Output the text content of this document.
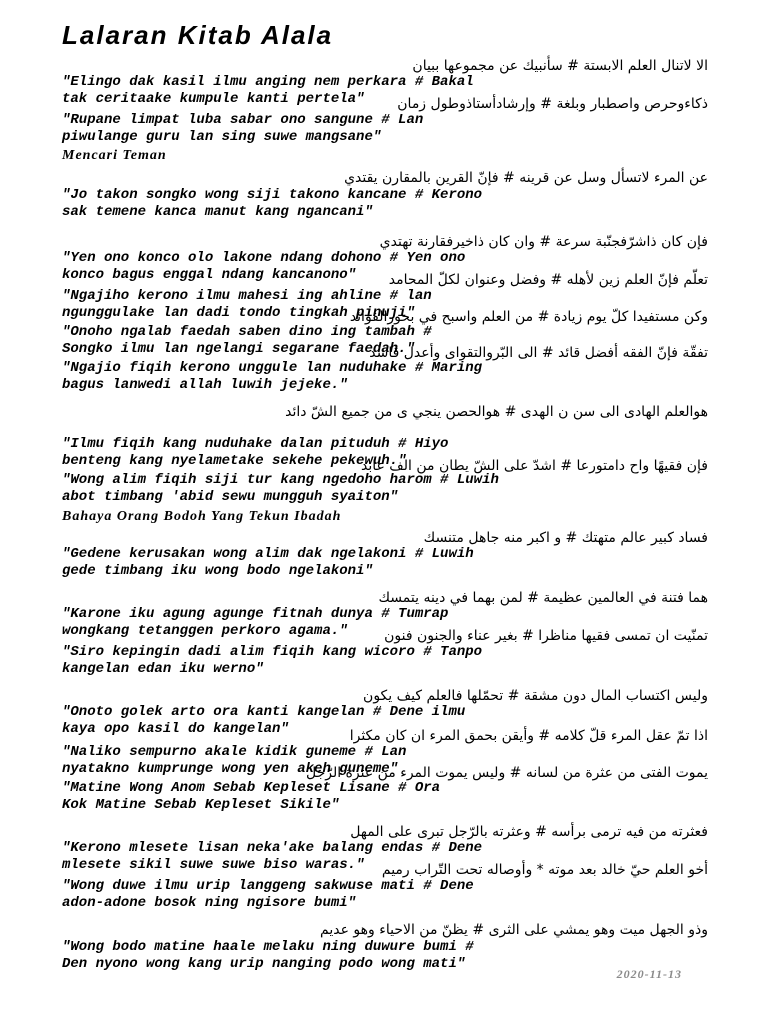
Lalaran Kitab Alala
الا لاتنال العلم الابستة # سأنبيك عن مجموعها ببيان
"Elingo dak kasil ilmu anging nem perkara # Bakal
tak ceritaake kumpule kanti pertela"	ذكاءوحرص واصطبار وبلغة # وإرشادأستاذوطول زمان
"Rupane limpat luba sabar ono sangune # Lan
piwulange guru lan sing suwe mangsane"
Mencari Teman
عن المرء لاتسأل وسل عن قرينه # فإنّ القرين بالمقارن يقتدي
"Jo takon songko wong siji takono kancane # Kerono
sak temene kanca manut kang ngancani"
فإن كان ذاشرّفجنّبة سرعة # وان كان ذاخيرفقارنة تهتدي
"Yen ono konco olo lakone ndang dohono # Yen ono
konco bagus enggal ndang kancanono"	تعلّم فإنّ العلم زين لأهله # وفضل وعنوان لكلّ المحامد
"Ngajiho kerono ilmu mahesi ing ahline # lan
ngunggulake lan dadi tondo tingkah pinuji"
وكن مستفيدا كلّ يوم زيادة # من العلم واسبح في بحورالفوائد
"Onoho ngalab faedah saben dino ing tambah #
Songko ilmu lan ngelangi segarane faedah."
تفقّة فإنّ الفقه أفضل قائد # الى البّروالتقواى وأعدل قاسد
"Ngajio fiqih kerono unggule lan nuduhake # Maring
bagus lanwedi allah luwih jejeke."
هوالعلم الهادى الى سن ن الهدى # هوالحصن ينجي ى من جميع الشّ دائد
"Ilmu fiqih kang nuduhake dalan pituduh # Hiyo
benteng kang nyelametake sekehe pekewuh."
فإن فقيهًا واح دامتورعا # اشدّ على الشّ يطان من الف عابد
"Wong alim fiqih siji tur kang ngedoho harom # Luwih
abot timbang 'abid sewu mungguh syaiton"
Bahaya Orang Bodoh Yang Tekun Ibadah
فساد كبير عالم متهتك # و اكبر منه جاهل متنسك
"Gedene kerusakan wong alim dak ngelakoni # Luwih
gede timbang iku wong bodo ngelakoni"
هما فتنة في العالمين عظيمة # لمن بهما في دينه يتمسك
"Karone iku agung agunge fitnah dunya # Tumrap
wongkang tetanggen perkoro agama."	تمنّيت ان تمسى فقيها مناظرا # بغير عناء والجنون فنون
"Siro kepingin dadi alim fiqih kang wicoro # Tanpo
kangelan edan iku werno"
وليس اكتساب المال دون مشقة # تحمّلها فالعلم كيف يكون
"Onoto golek arto ora kanti kangelan # Dene ilmu
kaya opo kasil do kangelan"	اذا تمّ عقل المرء قلّ كلامه # وأيقن بحمق المرء ان كان مكثرا
"Naliko sempurno akale kidik guneme # Lan
nyatakno kumprunge wong yen akeh guneme"
يموت الفتى من عثرة من لسانه # وليس يموت المرء من عثرة الرّجل
"Matine Wong Anom Sebab Kepleset Lisane # Ora
Kok Matine Sebab Kepleset Sikile"
فعثرته من فيه ترمى برأسه # وعثرته بالرّجل تبرى على المهل
"Kerono mlesete lisan neka'ake balang endas # Dene
mlesete sikil suwe suwe biso waras."	أخو العلم حيّ خالد بعد موته * وأوصاله تحت التّراب رميم
"Wong duwe ilmu urip langgeng sakwuse mati # Dene
adon-adone bosok ning ngisore bumi"
وذو الجهل ميت وهو يمشي على الثرى # يظنّ من الاحياء وهو عديم
"Wong bodo matine haale melaku ning duwure bumi #
Den nyono wong kang urip nanging podo wong mati"
2020-11-13
